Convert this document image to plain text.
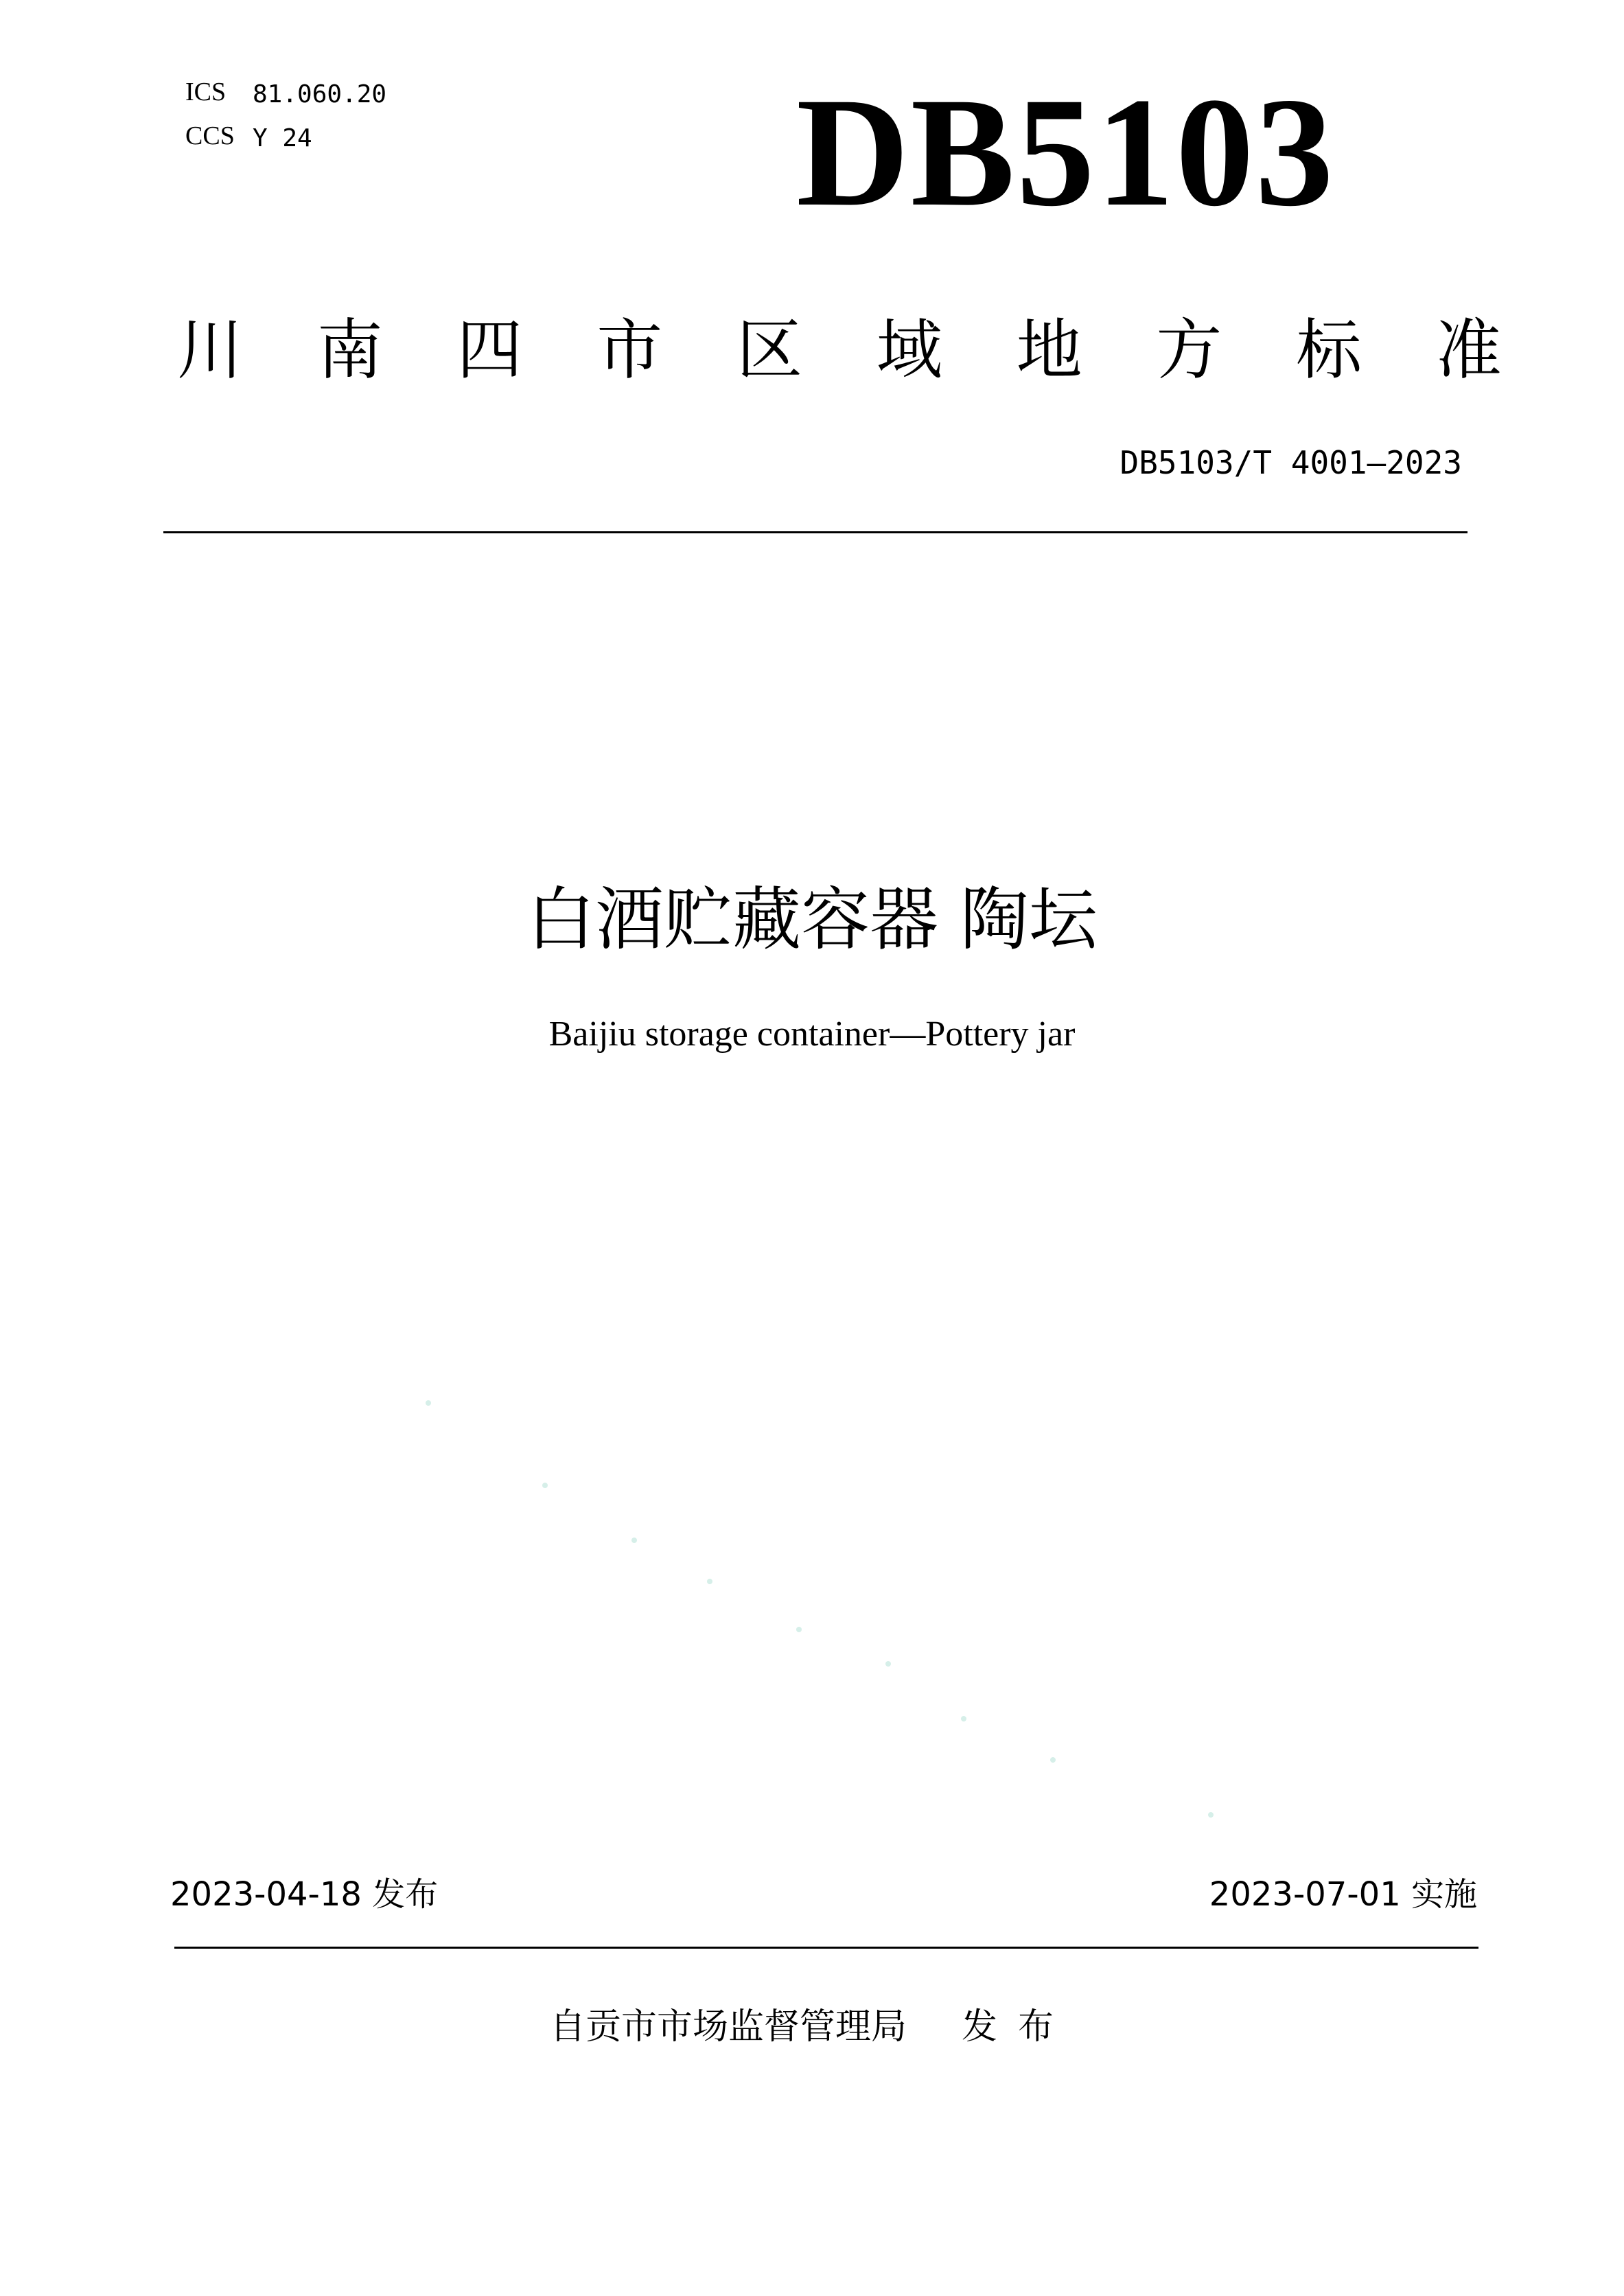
ICS 81.060.20
CCS Y 24	DB5103
川 南 四 市 区 域 地 方 标 准
DB5103/T 4001—2023
白酒贮藏容器 陶坛
Baijiu storage container—Pottery jar
2023-04-18 发布	2023-07-01 实施
自贡市市场监督管理局 发布
